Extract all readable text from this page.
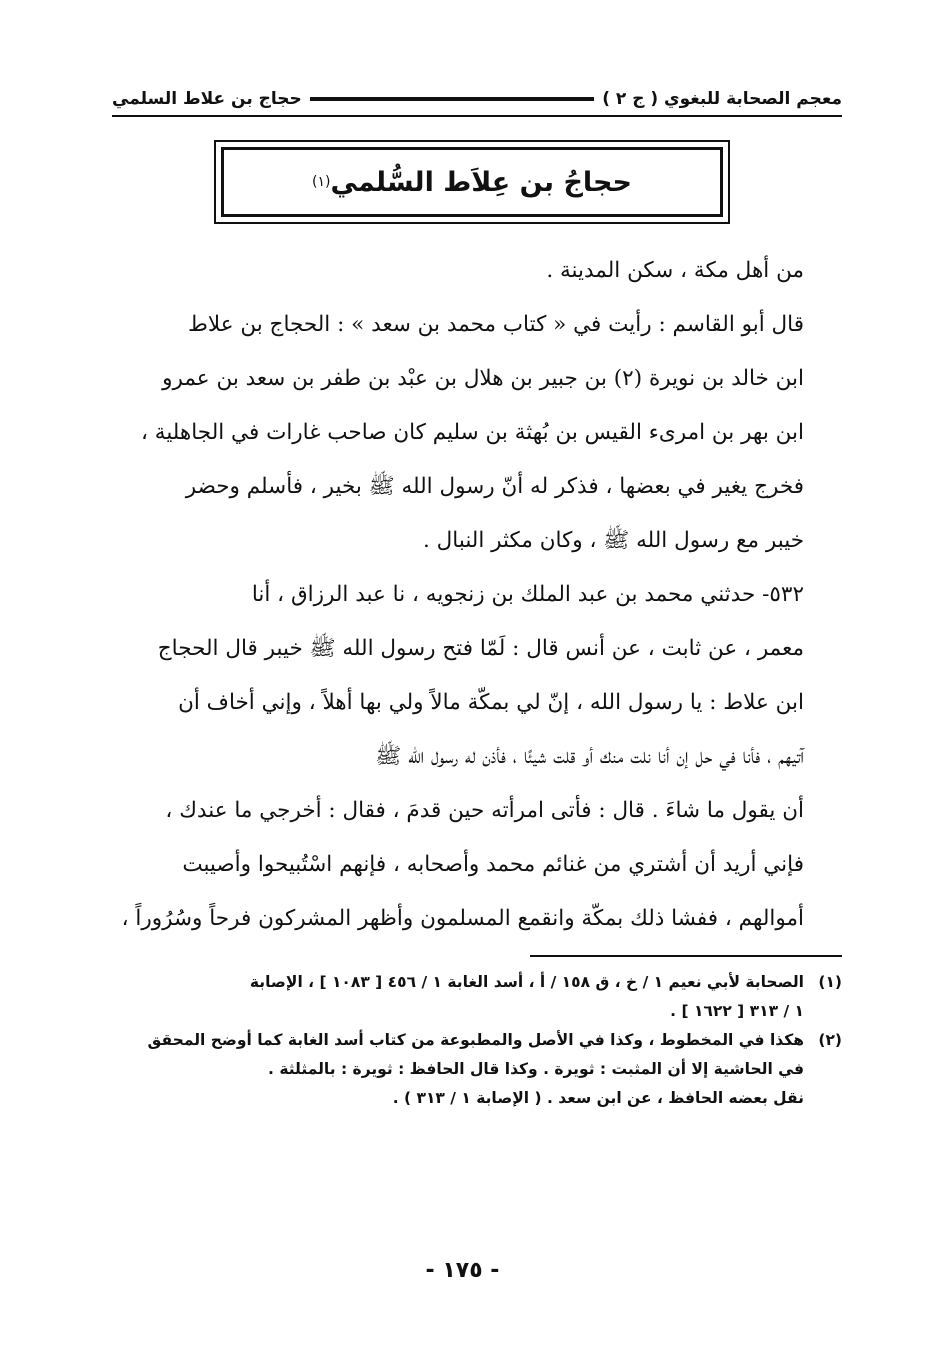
معجم الصحابة للبغوي ( ج ٢ )
حجاج بن علاط السلمي
حجاجُ بن عِلاَط السُّلمي
(١)

من أهل مكة ، سكن المدينة .

قال أبو القاسم : رأيت في « كتاب محمد بن سعد » : الحجاج بن علاط
ابن خالد بن نويرة (٢) بن جبير بن هلال بن عبْد بن طفر بن سعد بن عمرو
ابن بهر بن امرىء القيس بن بُهثة بن سليم كان صاحب غارات في الجاهلية ،
فخرج يغير في بعضها ، فذكر له أنّ رسول الله ﷺ بخير ، فأسلم وحضر
خيبر مع رسول الله ﷺ ، وكان مكثر النبال .

٥٣٢- حدثني محمد بن عبد الملك بن زنجويه ، نا عبد الرزاق ، أنا
معمر ، عن ثابت ، عن أنس قال : لَمّا فتح رسول الله ﷺ خيبر قال الحجاج
ابن علاط : يا رسول الله ، إنّ لي بمكّة مالاً ولي بها أهلاً ، وإني أخاف أن
آتيهم ، فأنا في حل إن أنا نلت منك أو قلت شيئًا ، فأذن له رسول الله ﷺ
أن يقول ما شاءَ . قال : فأتى امرأته حين قدمَ ، فقال : أخرجي ما عندك ،
فإني أريد أن أشتري من غنائم محمد وأصحابه ، فإنهم اسْتُبيحوا وأصيبت
أموالهم ، ففشا ذلك بمكّة وانقمع المسلمون وأظهر المشركون فرحاً وسُرُوراً ،

(١)
الصحابة لأبي نعيم ١ / خ ، ق ١٥٨ / أ ، أسد الغابة ١ / ٤٥٦ [ ١٠٨٣ ] ، الإصابة
١ / ٣١٣ [ ١٦٢٢ ] .
(٢)
هكذا في المخطوط ، وكذا في الأصل والمطبوعة من كتاب أسد الغابة كما أوضح المحقق
في الحاشية إلا أن المثبت : ثويرة . وكذا قال الحافظ : ثويرة : بالمثلثة .
نقل بعضه الحافظ ، عن ابن سعد . ( الإصابة ١ / ٣١٣ ) .
- ١٧٥ -
